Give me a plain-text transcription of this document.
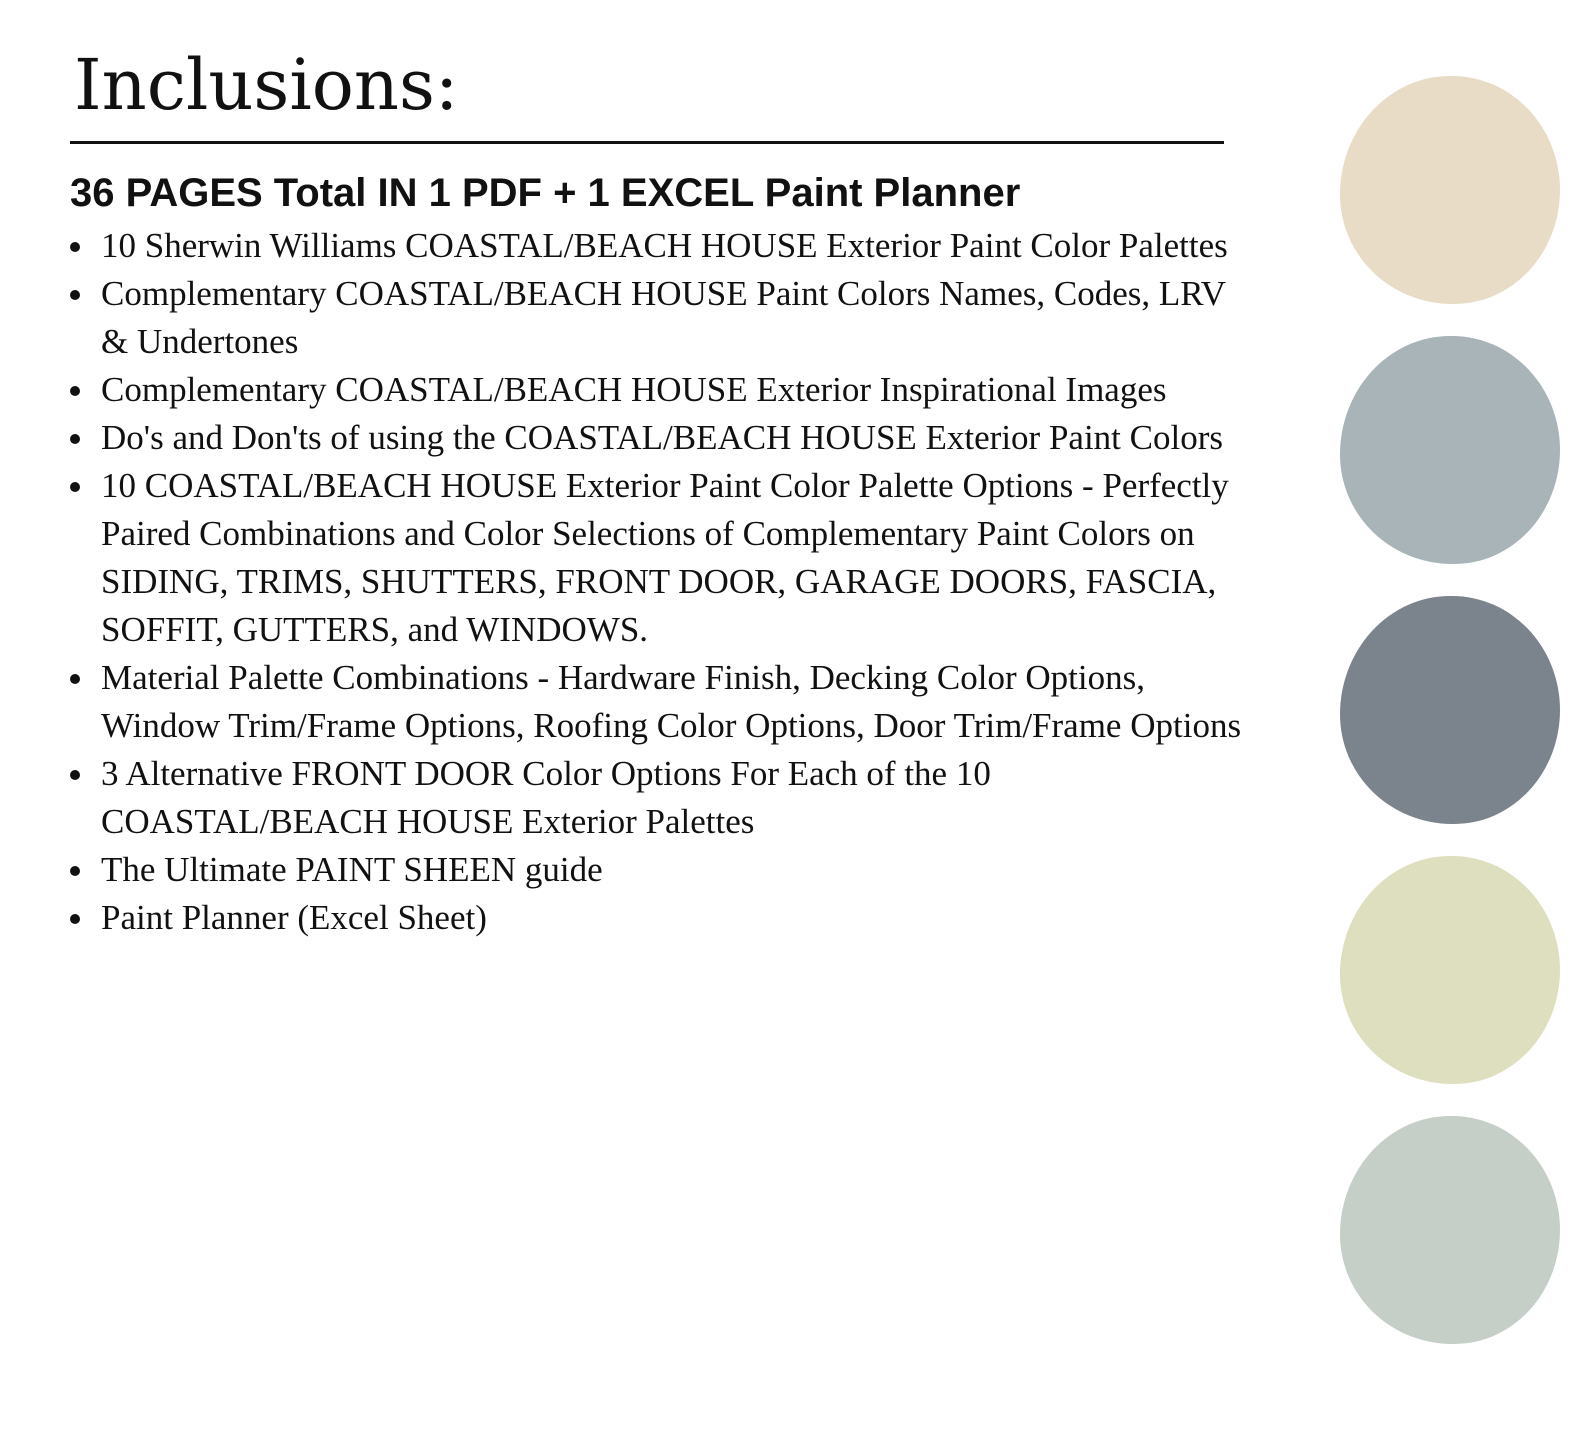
Inclusions:

36 PAGES Total IN 1 PDF + 1 EXCEL Paint Planner

10 Sherwin Williams COASTAL/BEACH HOUSE Exterior Paint Color Palettes
Complementary COASTAL/BEACH HOUSE Paint Colors Names, Codes, LRV & Undertones
Complementary COASTAL/BEACH HOUSE Exterior Inspirational Images
Do's and Don'ts of using the COASTAL/BEACH HOUSE Exterior Paint Colors
10 COASTAL/BEACH HOUSE Exterior Paint Color Palette Options - Perfectly Paired Combinations and Color Selections of Complementary Paint Colors on SIDING, TRIMS, SHUTTERS, FRONT DOOR, GARAGE DOORS, FASCIA, SOFFIT, GUTTERS, and WINDOWS.
Material Palette Combinations - Hardware Finish, Decking Color Options, Window Trim/Frame Options, Roofing Color Options, Door Trim/Frame Options
3 Alternative FRONT DOOR Color Options For Each of the 10 COASTAL/BEACH HOUSE Exterior Palettes
The Ultimate PAINT SHEEN guide
Paint Planner (Excel Sheet)
